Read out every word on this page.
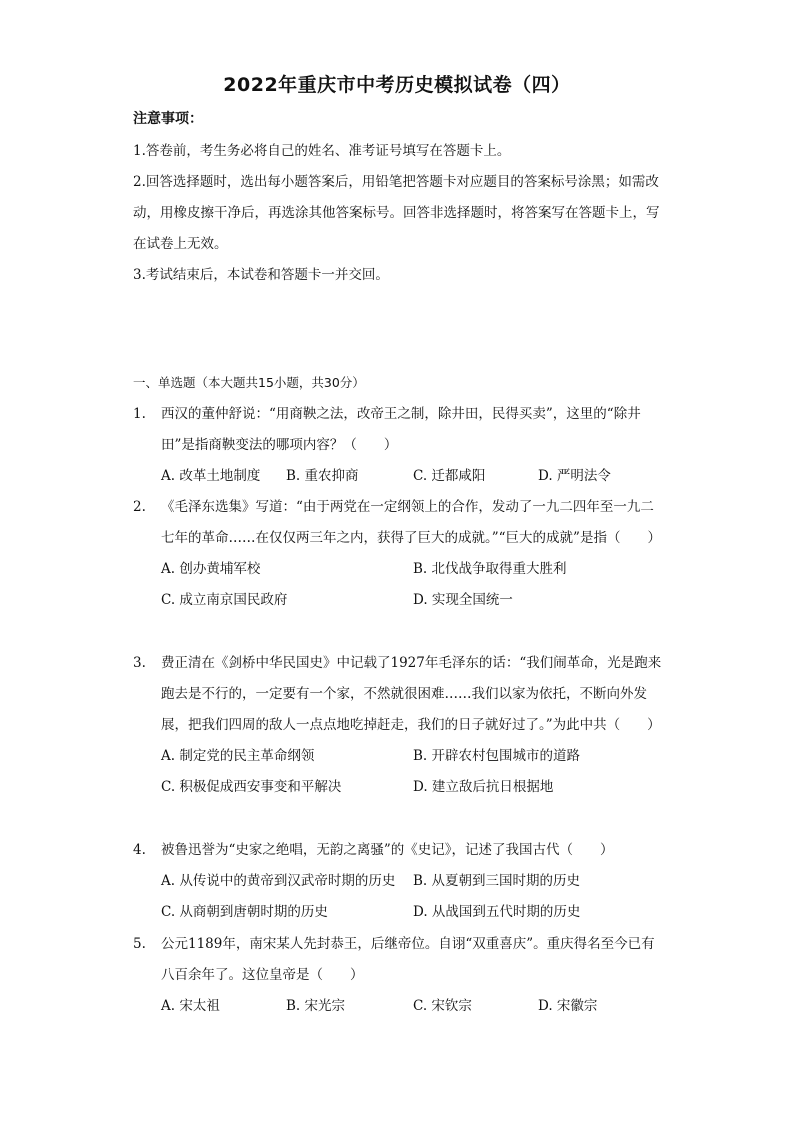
2022年重庆市中考历史模拟试卷（四）
注意事项：
1.答卷前，考生务必将自己的姓名、准考证号填写在答题卡上。
2.回答选择题时，选出每小题答案后，用铅笔把答题卡对应题目的答案标号涂黑；如需改动，用橡皮擦干净后，再选涂其他答案标号。回答非选择题时，将答案写在答题卡上，写在试卷上无效。
3.考试结束后，本试卷和答题卡一并交回。
一、单选题（本大题共15小题，共30分）
1.	西汉的董仲舒说：“用商鞅之法，改帝王之制，除井田，民得买卖”，这里的“除井田”是指商鞅变法的哪项内容？（　　）
A. 改革土地制度 B. 重农抑商	C. 迁都咸阳	D. 严明法令
2.	《毛泽东选集》写道：“由于两党在一定纲领上的合作，发动了一九二四年至一九二七年的革命……在仅仅两三年之内，获得了巨大的成就。”“巨大的成就”是指（　　）
A. 创办黄埔军校	B. 北伐战争取得重大胜利
C. 成立南京国民政府	D. 实现全国统一
3.	费正清在《剑桥中华民国史》中记载了1927年毛泽东的话：“我们闹革命，光是跑来跑去是不行的，一定要有一个家，不然就很困难……我们以家为依托，不断向外发展，把我们四周的敌人一点点地吃掉赶走，我们的日子就好过了。”为此中共（　　）
A. 制定党的民主革命纲领	B. 开辟农村包围城市的道路
C. 积极促成西安事变和平解决	D. 建立敌后抗日根据地
4.	被鲁迅誉为“史家之绝唱，无韵之离骚”的《史记》，记述了我国古代（　　）
A. 从传说中的黄帝到汉武帝时期的历史 B. 从夏朝到三国时期的历史
C. 从商朝到唐朝时期的历史	D. 从战国到五代时期的历史
5.	公元1189年，南宋某人先封恭王，后继帝位。自诩“双重喜庆”。重庆得名至今已有八百余年了。这位皇帝是（　　）
A. 宋太祖	B. 宋光宗	C. 宋钦宗	D. 宋徽宗
